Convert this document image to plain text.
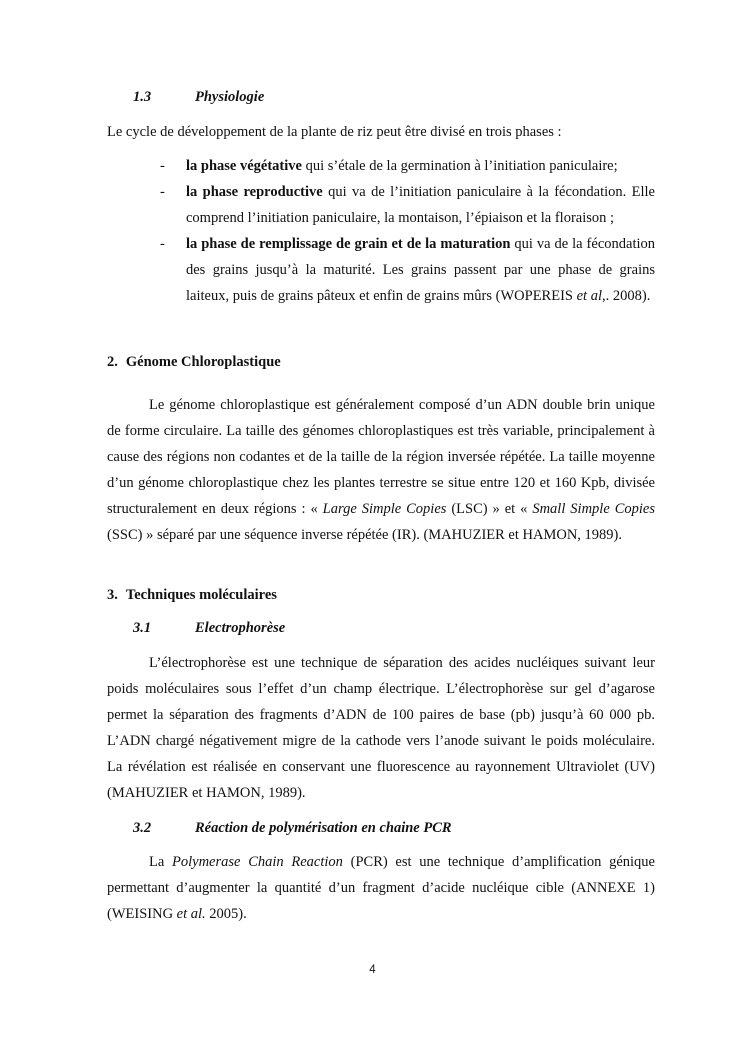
1.3	Physiologie

Le cycle de développement de la plante de riz peut être divisé en trois phases :

- la phase végétative qui s’étale de la germination à l’initiation paniculaire;
- la phase reproductive qui va de l’initiation paniculaire à la fécondation. Elle comprend l’initiation paniculaire, la montaison, l’épiaison et la floraison ;
- la phase de remplissage de grain et de la maturation qui va de la fécondation des grains jusqu’à la maturité. Les grains passent par une phase de grains laiteux, puis de grains pâteux et enfin de grains mûrs (WOPEREIS et al,. 2008).
2. Génome Chloroplastique

Le génome chloroplastique est généralement composé d’un ADN double brin unique de forme circulaire. La taille des génomes chloroplastiques est très variable, principalement à cause des régions non codantes et de la taille de la région inversée répétée. La taille moyenne d’un génome chloroplastique chez les plantes terrestre se situe entre 120 et 160 Kpb, divisée structuralement en deux régions : « Large Simple Copies (LSC) » et « Small Simple Copies (SSC) » séparé par une séquence inverse répétée (IR). (MAHUZIER et HAMON, 1989).

3. Techniques moléculaires
3.1	Electrophorèse

L’électrophorèse est une technique de séparation des acides nucléiques suivant leur poids moléculaires sous l’effet d’un champ électrique. L’électrophorèse sur gel d’agarose permet la séparation des fragments d’ADN de 100 paires de base (pb) jusqu’à 60 000 pb. L’ADN chargé négativement migre de la cathode vers l’anode suivant le poids moléculaire. La révélation est réalisée en conservant une fluorescence au rayonnement Ultraviolet (UV) (MAHUZIER et HAMON, 1989).

3.2	Réaction de polymérisation en chaine PCR

La Polymerase Chain Reaction (PCR) est une technique d’amplification génique permettant d’augmenter la quantité d’un fragment d’acide nucléique cible (ANNEXE 1) (WEISING et al. 2005).

4
